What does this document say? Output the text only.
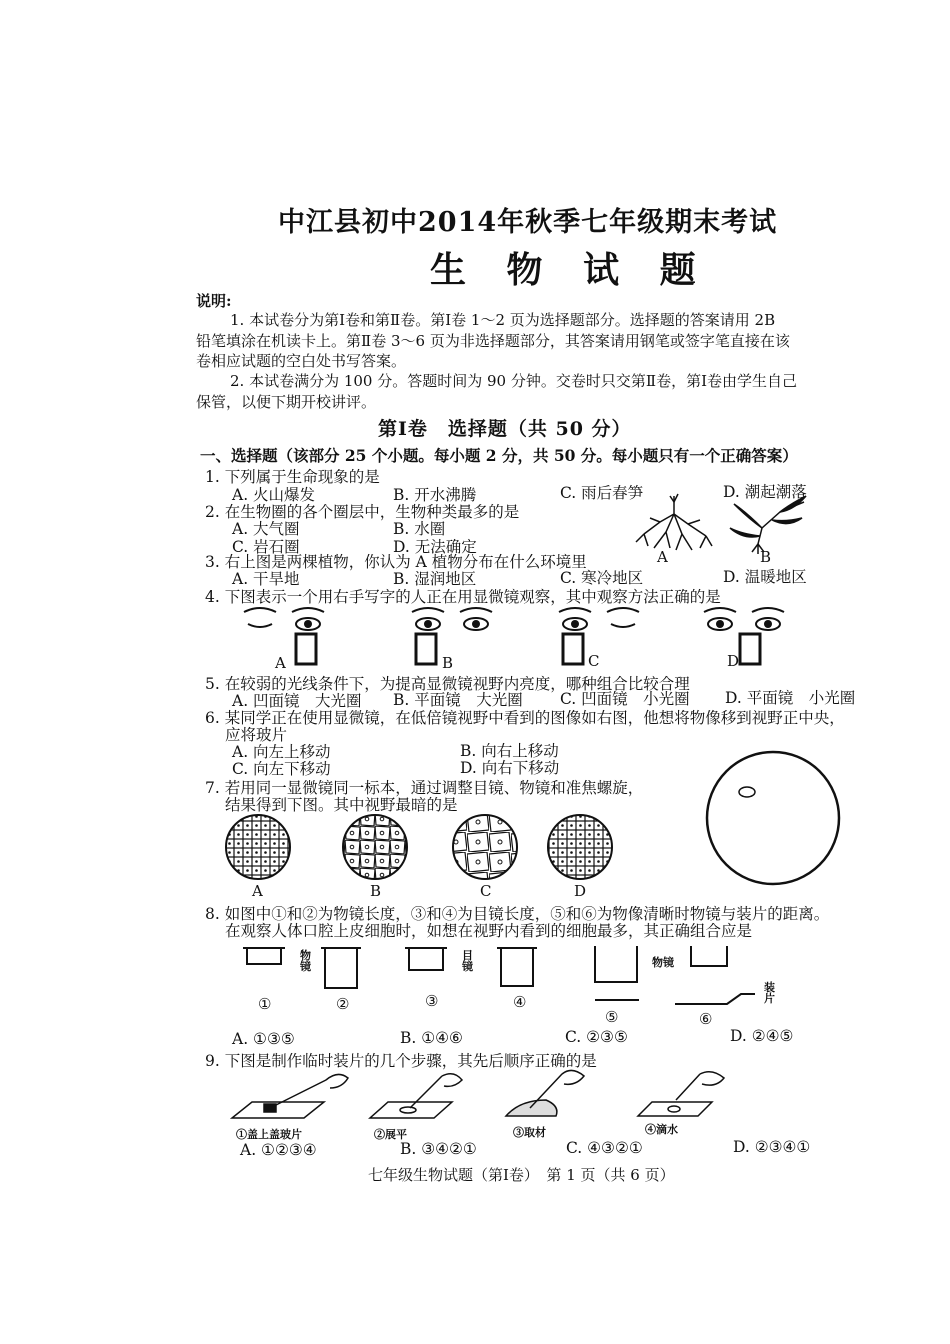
中江县初中2014年秋季七年级期末考试
生 物 试 题
说明:
1. 本试卷分为第Ⅰ卷和第Ⅱ卷。第Ⅰ卷 1～2 页为选择题部分。选择题的答案请用 2B
铅笔填涂在机读卡上。第Ⅱ卷 3～6 页为非选择题部分，其答案请用钢笔或签字笔直接在该
卷相应试题的空白处书写答案。
2. 本试卷满分为 100 分。答题时间为 90 分钟。交卷时只交第Ⅱ卷，第Ⅰ卷由学生自己
保管，以便下期开校讲评。
第Ⅰ卷　选择题（共 50 分）
一、选择题（该部分 25 个小题。每小题 2 分，共 50 分。每小题只有一个正确答案）
1. 下列属于生命现象的是
A. 火山爆发	B. 开水沸腾	C. 雨后春笋	D. 潮起潮落
2. 在生物圈的各个圈层中，生物种类最多的是
A. 大气圈	B. 水圈
C. 岩石圈	D. 无法确定
A	B
3. 右上图是两棵植物，你认为 A 植物分布在什么环境里
A. 干旱地	B. 湿润地区	C. 寒冷地区	D. 温暖地区
4. 下图表示一个用右手写字的人正在用显微镜观察，其中观察方法正确的是
A	B	C	D
5. 在较弱的光线条件下，为提高显微镜视野内亮度，哪种组合比较合理
A. 凹面镜　大光圈 B. 平面镜　大光圈 C. 凹面镜　小光圈 D. 平面镜　小光圈
6. 某同学正在使用显微镜，在低倍镜视野中看到的图像如右图，他想将物像移到视野正中央，
应将玻片
A. 向左上移动	B. 向右上移动
C. 向左下移动	D. 向右下移动
7. 若用同一显微镜同一标本，通过调整目镜、物镜和准焦螺旋，
结果得到下图。其中视野最暗的是
A	B	C	D
8. 如图中①和②为物镜长度，③和④为目镜长度，⑤和⑥为物像清晰时物镜与装片的距离。
在观察人体口腔上皮细胞时，如想在视野内看到的细胞最多，其正确组合应是
物镜
目镜	物镜
装片
①	②	③	④
⑤	⑥
A. ①③⑤	B. ①④⑥	C. ②③⑤	D. ②④⑤
9. 下图是制作临时装片的几个步骤，其先后顺序正确的是
①盖上盖玻片	②展平	③取材	④滴水
A. ①②③④	B. ③④②①	C. ④③②①	D. ②③④①
七年级生物试题（第Ⅰ卷）　第 1 页（共 6 页）
